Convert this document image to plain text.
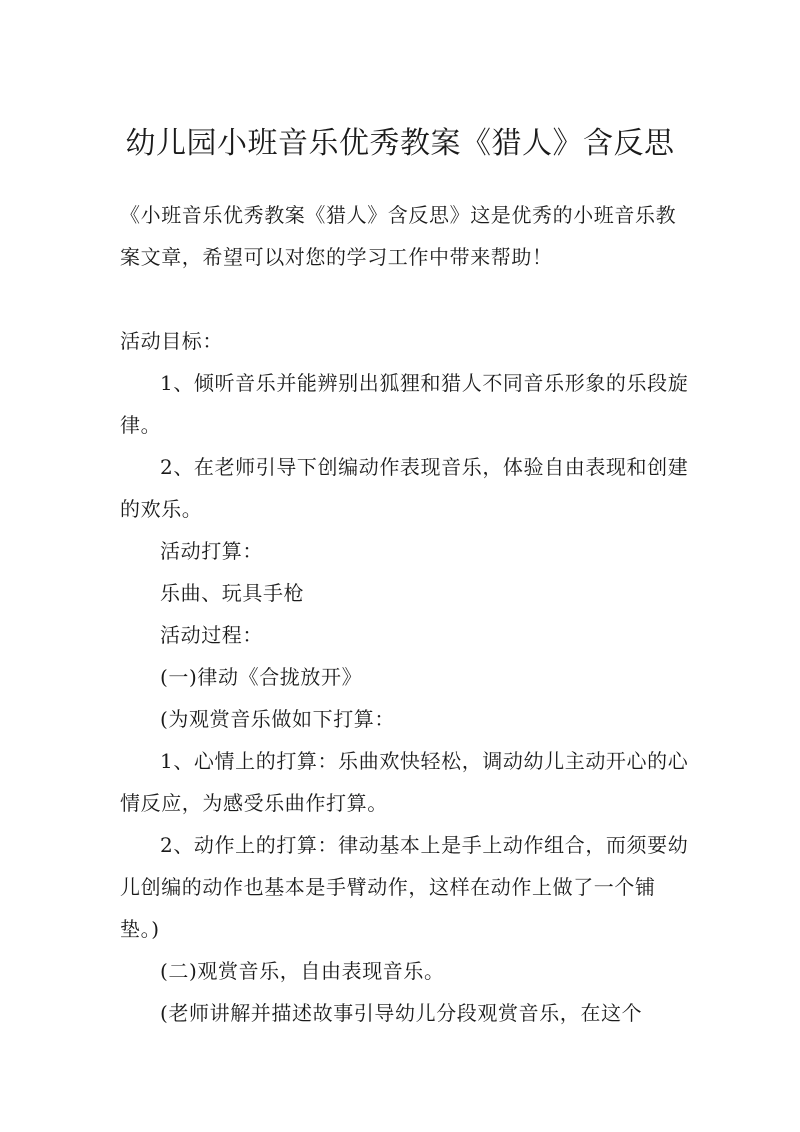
幼儿园小班音乐优秀教案《猎人》含反思

《小班音乐优秀教案《猎人》含反思》这是优秀的小班音乐教案文章，希望可以对您的学习工作中带来帮助！

活动目标：

1、倾听音乐并能辨别出狐狸和猎人不同音乐形象的乐段旋律。

2、在老师引导下创编动作表现音乐，体验自由表现和创建的欢乐。

活动打算：

乐曲、玩具手枪

活动过程：

(一)律动《合拢放开》

(为观赏音乐做如下打算：

1、心情上的打算：乐曲欢快轻松，调动幼儿主动开心的心情反应，为感受乐曲作打算。

2、动作上的打算：律动基本上是手上动作组合，而须要幼儿创编的动作也基本是手臂动作，这样在动作上做了一个铺垫。)

(二)观赏音乐，自由表现音乐。

(老师讲解并描述故事引导幼儿分段观赏音乐，在这个
